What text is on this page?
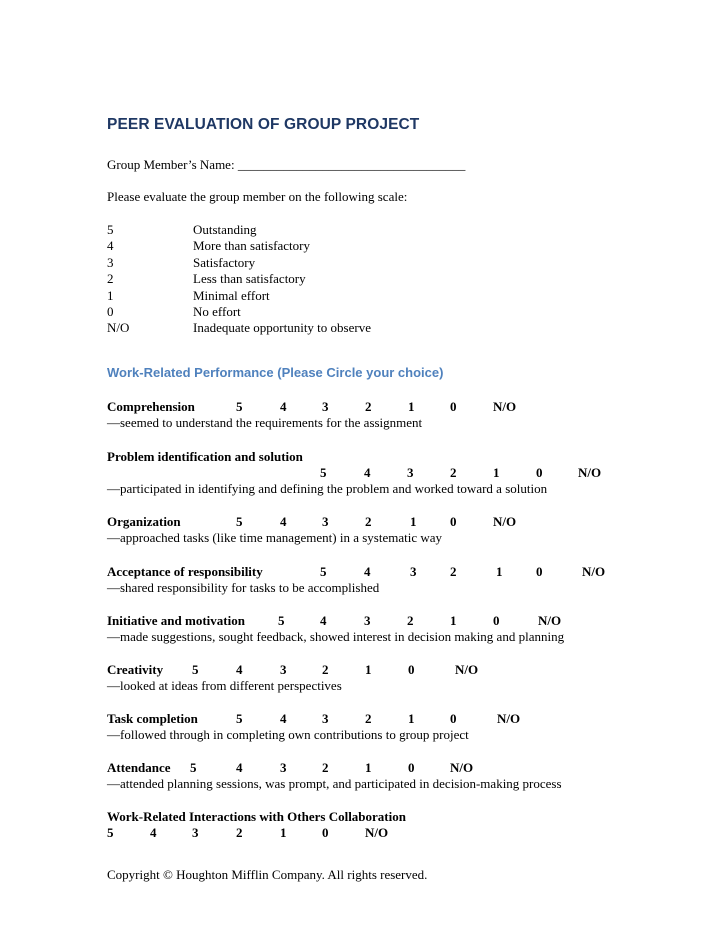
PEER EVALUATION OF GROUP PROJECT
Group Member’s Name: ___________________________________
Please evaluate the group member on the following scale:
5	Outstanding
4	More than satisfactory
3	Satisfactory
2	Less than satisfactory
1	Minimal effort
0	No effort
N/O	Inadequate opportunity to observe
Work-Related Performance (Please Circle your choice)
Comprehension	5	4	3	2	1	0	N/O
—seemed to understand the requirements for the assignment
Problem identification and solution
5	4	3	2	1	0	N/O
—participated in identifying and defining the problem and worked toward a solution
Organization	5	4	3	2	1	0	N/O
—approached tasks (like time management) in a systematic way
Acceptance of responsibility	5	4	3	2	1	0	N/O
—shared responsibility for tasks to be accomplished
Initiative and motivation	5	4	3	2	1	0	N/O
—made suggestions, sought feedback, showed interest in decision making and planning
Creativity 5	4	3	2	1	0	N/O
—looked at ideas from different perspectives
Task completion	5	4	3	2	1	0	N/O
—followed through in completing own contributions to group project
Attendance 5	4	3	2	1	0	N/O
—attended planning sessions, was prompt, and participated in decision-making process
Work-Related Interactions with Others Collaboration
5	4	3	2	1	0	N/O
Copyright © Houghton Mifflin Company. All rights reserved.
